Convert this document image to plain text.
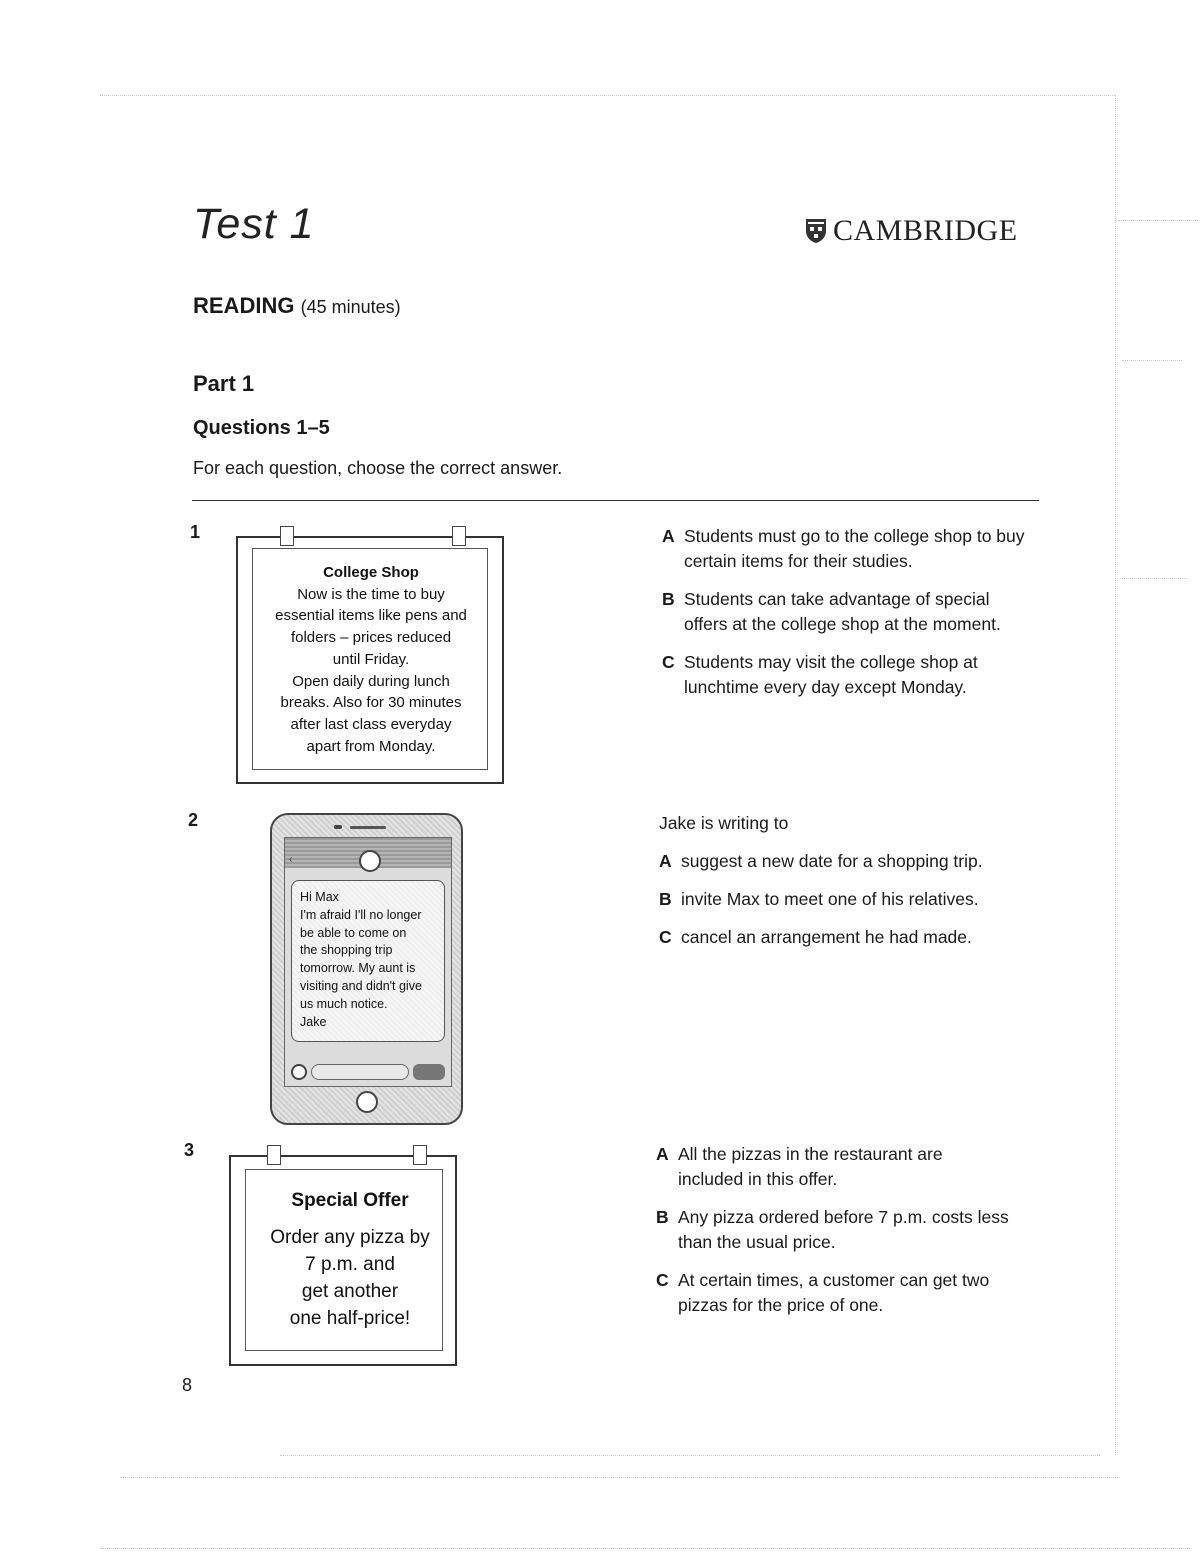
Test 1	CAMBRIDGE
READING (45 minutes)
Part 1
Questions 1–5
For each question, choose the correct answer.
1
College Shop
Now is the time to buy
essential items like pens and
folders – prices reduced
until Friday.
Open daily during lunch
breaks. Also for 30 minutes
after last class everyday
apart from Monday.
A Students must go to the college shop to buy certain items for their studies.
B Students can take advantage of special offers at the college shop at the moment.
C Students may visit the college shop at lunchtime every day except Monday.
2
‹
Hi Max
I'm afraid I'll no longer
be able to come on
the shopping trip
tomorrow. My aunt is
visiting and didn't give
us much notice.
Jake
Jake is writing to
A suggest a new date for a shopping trip.
B invite Max to meet one of his relatives.
C cancel an arrangement he had made.
3
Special Offer
Order any pizza by
7 p.m. and
get another
one half-price!
A All the pizzas in the restaurant are included in this offer.
B Any pizza ordered before 7 p.m. costs less than the usual price.
C At certain times, a customer can get two pizzas for the price of one.
8
